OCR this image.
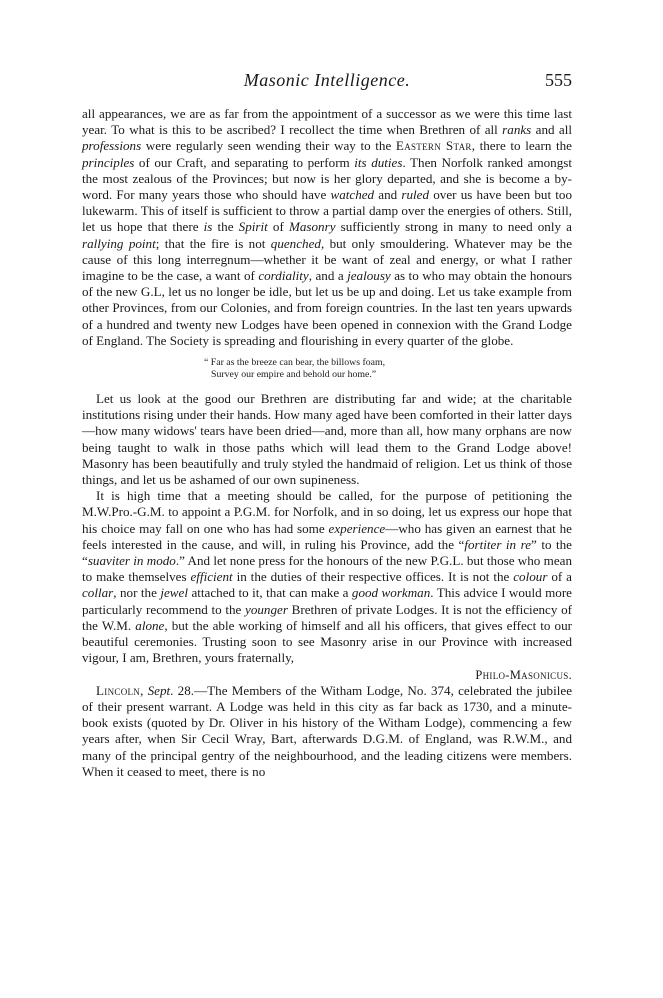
Masonic Intelligence.	555

all appearances, we are as far from the appointment of a successor as we were this time last year. To what is this to be ascribed? I recollect the time when Brethren of all ranks and all professions were regularly seen wending their way to the Eastern Star, there to learn the principles of our Craft, and separating to perform its duties. Then Norfolk ranked amongst the most zealous of the Provinces; but now is her glory departed, and she is become a by-word. For many years those who should have watched and ruled over us have been but too lukewarm. This of itself is sufficient to throw a partial damp over the energies of others. Still, let us hope that there is the Spirit of Masonry sufficiently strong in many to need only a rallying point; that the fire is not quenched, but only smouldering. Whatever may be the cause of this long interregnum—whether it be want of zeal and energy, or what I rather imagine to be the case, a want of cordiality, and a jealousy as to who may obtain the honours of the new G.L, let us no longer be idle, but let us be up and doing. Let us take example from other Provinces, from our Colonies, and from foreign countries. In the last ten years upwards of a hundred and twenty new Lodges have been opened in connexion with the Grand Lodge of England. The Society is spreading and flourishing in every quarter of the globe.

“ Far as the breeze can bear, the billows foam,
Survey our empire and behold our home.”

Let us look at the good our Brethren are distributing far and wide; at the charitable institutions rising under their hands. How many aged have been comforted in their latter days—how many widows' tears have been dried—and, more than all, how many orphans are now being taught to walk in those paths which will lead them to the Grand Lodge above! Masonry has been beautifully and truly styled the handmaid of religion. Let us think of those things, and let us be ashamed of our own supineness.

It is high time that a meeting should be called, for the purpose of petitioning the M.W.Pro.-G.M. to appoint a P.G.M. for Norfolk, and in so doing, let us express our hope that his choice may fall on one who has had some experience—who has given an earnest that he feels interested in the cause, and will, in ruling his Province, add the “fortiter in re” to the “suaviter in modo.” And let none press for the honours of the new P.G.L. but those who mean to make themselves efficient in the duties of their respective offices. It is not the colour of a collar, nor the jewel attached to it, that can make a good workman. This advice I would more particularly recommend to the younger Brethren of private Lodges. It is not the efficiency of the W.M. alone, but the able working of himself and all his officers, that gives effect to our beautiful ceremonies. Trusting soon to see Masonry arise in our Province with increased vigour, I am, Brethren, yours fraternally,

Philo-Masonicus.

Lincoln, Sept. 28.—The Members of the Witham Lodge, No. 374, celebrated the jubilee of their present warrant. A Lodge was held in this city as far back as 1730, and a minute-book exists (quoted by Dr. Oliver in his history of the Witham Lodge), commencing a few years after, when Sir Cecil Wray, Bart, afterwards D.G.M. of England, was R.W.M., and many of the principal gentry of the neighbourhood, and the leading citizens were members. When it ceased to meet, there is no
